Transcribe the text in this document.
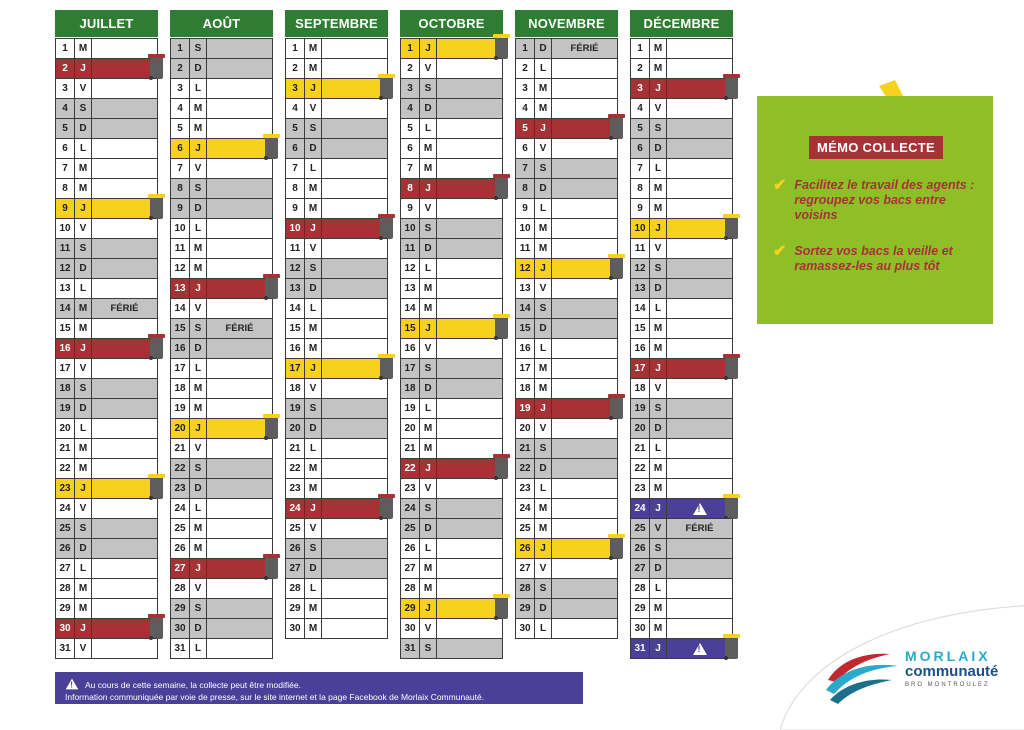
JUILLET
1	M
2	J
3	V
4	S
5	D
6	L
7	M
8	M
9	J
10 V
11 S
12 D
13 L
14 M	FÉRIÉ
15 M
16 J
17 V
18 S
19 D
20 L
21 M
22 M
23 J
24 V
25 S
26 D
27 L
28 M
29 M
30 J
31 V
AOÛT
1	S
2	D
3	L
4	M
5	M
6	J
7	V
8	S
9	D
10 L
11 M
12 M
13 J
14 V
15 S	FÉRIÉ
16 D
17 L
18 M
19 M
20 J
21 V
22 S
23 D
24 L
25 M
26 M
27 J
28 V
29 S
30 D
31 L
SEPTEMBRE
1	M
2	M
3	J
4	V
5	S
6	D
7	L
8	M
9	M
10 J
11 V
12 S
13 D
14 L
15 M
16 M
17 J
18 V
19 S
20 D
21 L
22 M
23 M
24 J
25 V
26 S
27 D
28 L
29 M
30 M
OCTOBRE
1	J
2	V
3	S
4	D
5	L
6	M
7	M
8	J
9	V
10 S
11 D
12 L
13 M
14 M
15 J
16 V
17 S
18 D
19 L
20 M
21 M
22 J
23 V
24 S
25 D
26 L
27 M
28 M
29 J
30 V
31 S
NOVEMBRE
1	D	FÉRIÉ
2	L
3	M
4	M
5	J
6	V
7	S
8	D
9	L
10 M
11 M
12 J
13 V
14 S
15 D
16 L
17 M
18 M
19 J
20 V
21 S
22 D
23 L
24 M
25 M
26 J
27 V
28 S
29 D
30 L
DÉCEMBRE
1	M
2	M
3	J
4	V
5	S
6	D
7	L
8	M
9	M
10 J
11 V
12 S
13 D
14 L
15 M
16 M
17 J
18 V
19 S
20 D
21 L
22 M
23 M
24 J
!
25 V	FÉRIÉ
26 S
27 D
28 L
29 M
30 M
31 J
!
MÉMO COLLECTE
✔ Facilitez le travail des agents : regroupez vos bacs entre voisins
✔ Sortez vos bacs la veille et ramassez-les au plus tôt
!Au cours de cette semaine, la collecte peut être modifiée.
Information communiquée par voie de presse, sur le site internet et la page Facebook de Morlaix Communauté.
MORLAIX
communauté
BRO MONTROULEZ
